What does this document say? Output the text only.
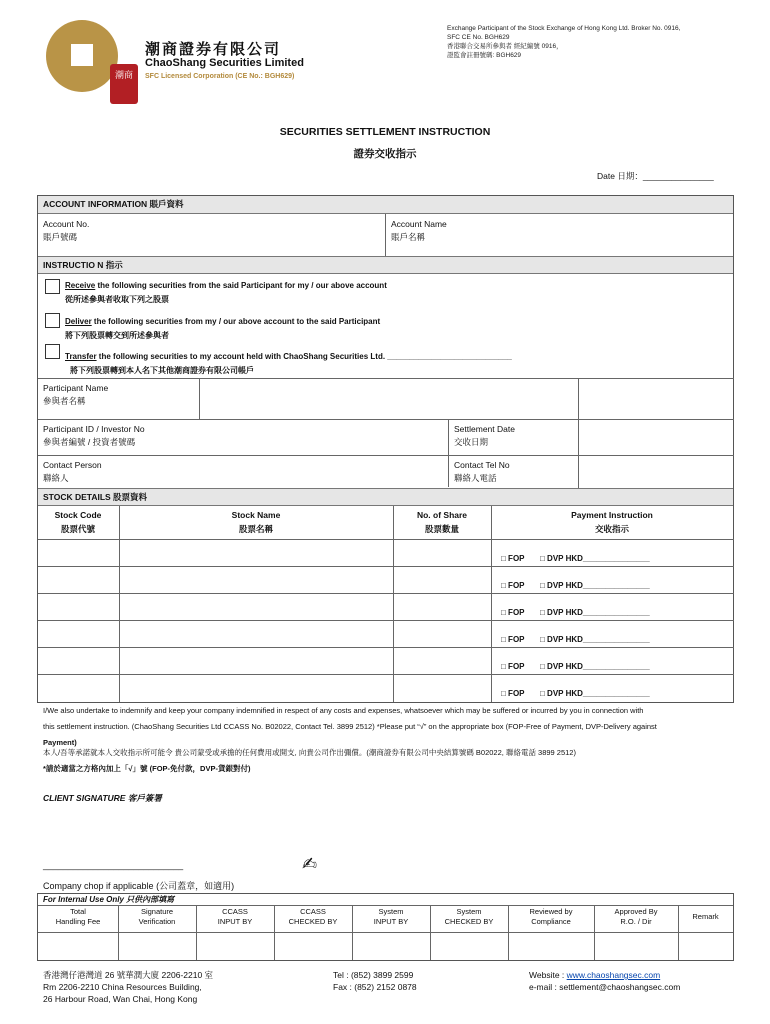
潮商
潮商證券有限公司
ChaoShang Securities Limited
SFC Licensed Corporation (CE No.: BGH629)
Exchange Participant of the Stock Exchange of Hong Kong Ltd. Broker No. 0916,
SFC CE No. BGH629
香港聯合交易所參與者 經紀編號 0916，
證監會註冊號碼: BGH629
SECURITIES SETTLEMENT INSTRUCTION
證券交收指示
Date 日期：_______________
ACCOUNT INFORMATION 賬戶資料
Account No.
賬戶號碼
Account Name
賬戶名稱
INSTRUCTIO N 指示
Receive the following securities from the said Participant for my / our above account
從所述參與者收取下列之股票
Deliver the following securities from my / our above account to the said Participant
將下列股票轉交到所述參與者
Transfer the following securities to my account held with ChaoShang Securities Ltd. ____________________________
將下列股票轉到本人名下其他潮商證券有限公司帳戶
Participant Name
參與者名稱
Participant ID / Investor No
參與者編號 / 投資者號碼
Settlement Date
交收日期
Contact Person
聯絡人
Contact Tel No
聯絡人電話
STOCK DETAILS 股票資料
Stock Code
股票代號
Stock Name
股票名稱
No. of Share
股票數量
Payment Instruction
交收指示
□ FOP □ DVP HKD_______________
□ FOP □ DVP HKD_______________
□ FOP □ DVP HKD_______________
□ FOP □ DVP HKD_______________
□ FOP □ DVP HKD_______________
□ FOP □ DVP HKD_______________
I/We also undertake to indemnify and keep your company indemnified in respect of any costs and expenses, whatsoever which may be suffered or incurred by you in connection with
this settlement instruction. (ChaoShang Securities Ltd CCASS No. B02022, Contact Tel. 3899 2512) *Please put “√” on the appropriate box (FOP-Free of Payment, DVP-Delivery against
Payment)
本人/吾等承諾就本人交收指示所可能令 貴公司蒙受或承擔的任何費用或開支, 向貴公司作出彌償。(潮商證券有限公司中央結算號碼 B02022, 聯絡電話 3899 2512)
*請於適當之方格內加上「√」號 (FOP-免付款，DVP-貨銀對付)
CLIENT SIGNATURE 客戶簽署
____________________________	✍
Company chop if applicable (公司蓋章，如適用)
For Internal Use Only 只供內部填寫
Total
Handling Fee
Signature
Verification
CCASS
INPUT BY
CCASS
CHECKED BY
System
INPUT BY
System
CHECKED BY
Reviewed by
Compliance
Approved By
R.O. / Dir
Remark
香港灣仔港灣道 26 號華潤大廈 2206-2210 室
Rm 2206-2210 China Resources Building,
26 Harbour Road, Wan Chai, Hong Kong
Tel : (852) 3899 2599
Fax : (852) 2152 0878
Website : www.chaoshangsec.com
e-mail : settlement@chaoshangsec.com
